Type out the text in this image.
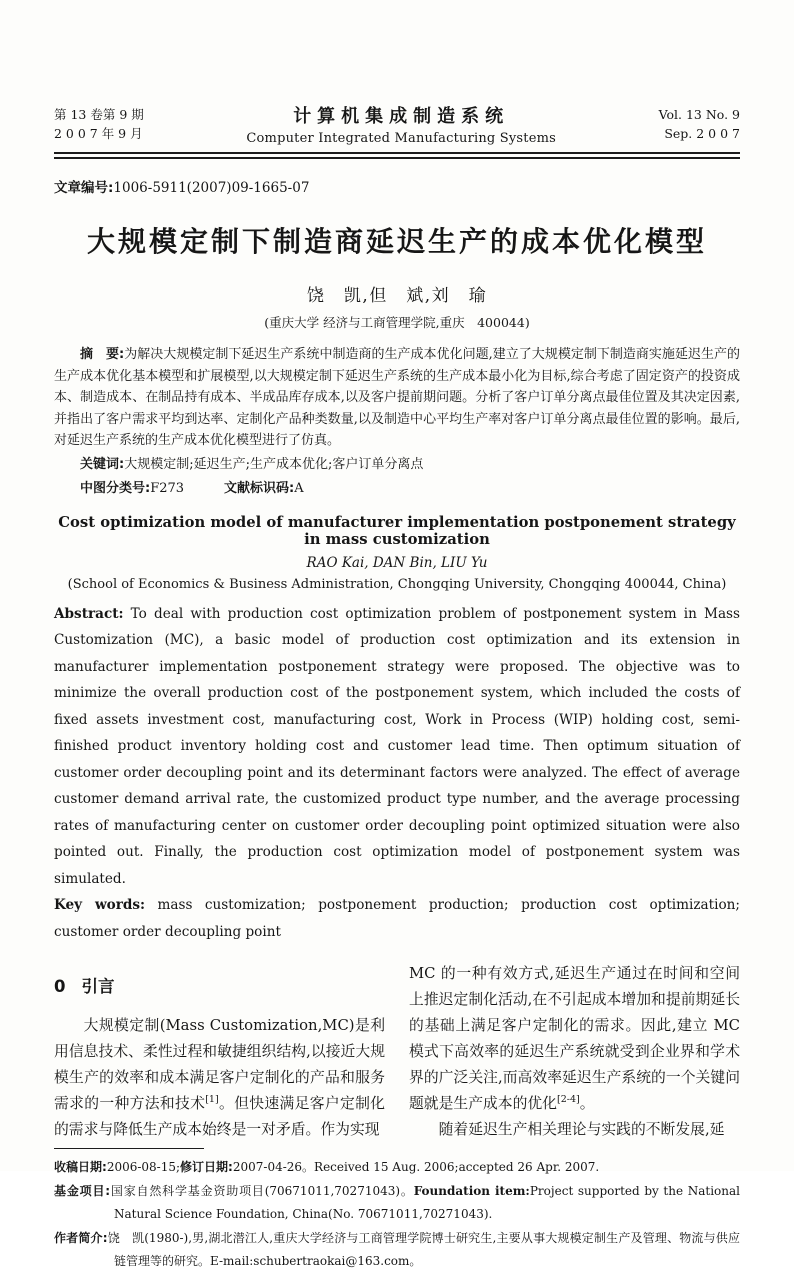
第 13 卷第 9 期
2 0 0 7 年 9 月
计算机集成制造系统
Computer Integrated Manufacturing Systems
Vol. 13 No. 9
Sep. 2 0 0 7

文章编号:1006-5911(2007)09-1665-07

大规模定制下制造商延迟生产的成本优化模型
饶　凯,但　斌,刘　瑜
(重庆大学 经济与工商管理学院,重庆　400044)

摘　要:为解决大规模定制下延迟生产系统中制造商的生产成本优化问题,建立了大规模定制下制造商实施延迟生产的生产成本优化基本模型和扩展模型,以大规模定制下延迟生产系统的生产成本最小化为目标,综合考虑了固定资产的投资成本、制造成本、在制品持有成本、半成品库存成本,以及客户提前期问题。分析了客户订单分离点最佳位置及其决定因素,并指出了客户需求平均到达率、定制化产品种类数量,以及制造中心平均生产率对客户订单分离点最佳位置的影响。最后,对延迟生产系统的生产成本优化模型进行了仿真。

关键词:大规模定制;延迟生产;生产成本优化;客户订单分离点

中图分类号:F273	文献标识码:A

Cost optimization model of manufacturer implementation postponement strategy in mass customization
RAO Kai, DAN Bin, LIU Yu
(School of Economics & Business Administration, Chongqing University, Chongqing 400044, China)

Abstract: To deal with production cost optimization problem of postponement system in Mass Customization (MC), a basic model of production cost optimization and its extension in manufacturer implementation postponement strategy were proposed. The objective was to minimize the overall production cost of the postponement system, which included the costs of fixed assets investment cost, manufacturing cost, Work in Process (WIP) holding cost, semi-finished product inventory holding cost and customer lead time. Then optimum situation of customer order decoupling point and its determinant factors were analyzed. The effect of average customer demand arrival rate, the customized product type number, and the average processing rates of manufacturing center on customer order decoupling point optimized situation were also pointed out. Finally, the production cost optimization model of postponement system was simulated.

Key words: mass customization; postponement production; production cost optimization; customer order decoupling point

0 引言

大规模定制(Mass Customization,MC)是利用信息技术、柔性过程和敏捷组织结构,以接近大规模生产的效率和成本满足客户定制化的产品和服务需求的一种方法和技术[1]。但快速满足客户定制化的需求与降低生产成本始终是一对矛盾。作为实现

MC 的一种有效方式,延迟生产通过在时间和空间上推迟定制化活动,在不引起成本增加和提前期延长的基础上满足客户定制化的需求。因此,建立 MC 模式下高效率的延迟生产系统就受到企业界和学术界的广泛关注,而高效率延迟生产系统的一个关键问题就是生产成本的优化[2-4]。

随着延迟生产相关理论与实践的不断发展,延

收稿日期:2006-08-15;修订日期:2007-04-26。Received 15 Aug. 2006;accepted 26 Apr. 2007.

基金项目:国家自然科学基金资助项目(70671011,70271043)。Foundation item:Project supported by the National Natural Science Foundation, China(No. 70671011,70271043).

作者简介:饶　凯(1980-),男,湖北潜江人,重庆大学经济与工商管理学院博士研究生,主要从事大规模定制生产及管理、物流与供应链管理等的研究。E-mail:schubertraokai@163.com。
